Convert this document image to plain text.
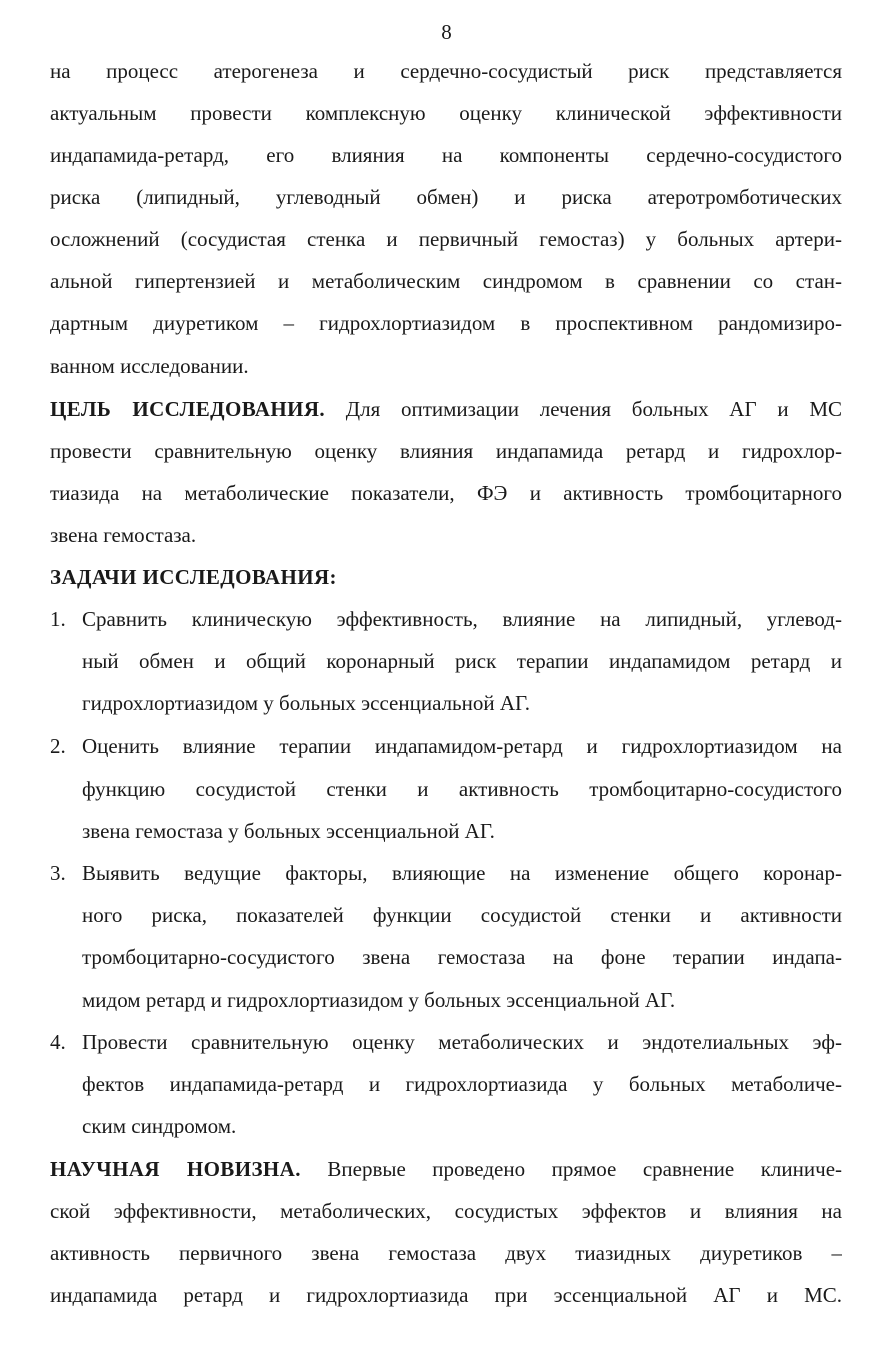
8
на процесс атерогенеза и сердечно-сосудистый риск представляется
актуальным провести комплексную оценку клинической эффективности
индапамида-ретард, его влияния на компоненты сердечно-сосудистого
риска (липидный, углеводный обмен) и риска атеротромботических
осложнений (сосудистая стенка и первичный гемостаз) у больных артери-
альной гипертензией и метаболическим синдромом в сравнении со стан-
дартным диуретиком – гидрохлортиазидом в проспективном рандомизиро-
ванном исследовании.
ЦЕЛЬ ИССЛЕДОВАНИЯ. Для оптимизации лечения больных АГ и МС
провести сравнительную оценку влияния индапамида ретард и гидрохлор-
тиазида на метаболические показатели, ФЭ и активность тромбоцитарного
звена гемостаза.
ЗАДАЧИ ИССЛЕДОВАНИЯ:
1. Сравнить клиническую эффективность, влияние на липидный, углевод-
ный обмен и общий коронарный риск терапии индапамидом ретард и
гидрохлортиазидом у больных эссенциальной АГ.
2. Оценить влияние терапии индапамидом-ретард и гидрохлортиазидом на
функцию сосудистой стенки и активность тромбоцитарно-сосудистого
звена гемостаза у больных эссенциальной АГ.
3. Выявить ведущие факторы, влияющие на изменение общего коронар-
ного риска, показателей функции сосудистой стенки и активности
тромбоцитарно-сосудистого звена гемостаза на фоне терапии индапа-
мидом ретард и гидрохлортиазидом у больных эссенциальной АГ.
4. Провести сравнительную оценку метаболических и эндотелиальных эф-
фектов индапамида-ретард и гидрохлортиазида у больных метаболиче-
ским синдромом.
НАУЧНАЯ НОВИЗНА. Впервые проведено прямое сравнение клиниче-
ской эффективности, метаболических, сосудистых эффектов и влияния на
активность первичного звена гемостаза двух тиазидных диуретиков –
индапамида ретард и гидрохлортиазида при эссенциальной АГ и МС.
